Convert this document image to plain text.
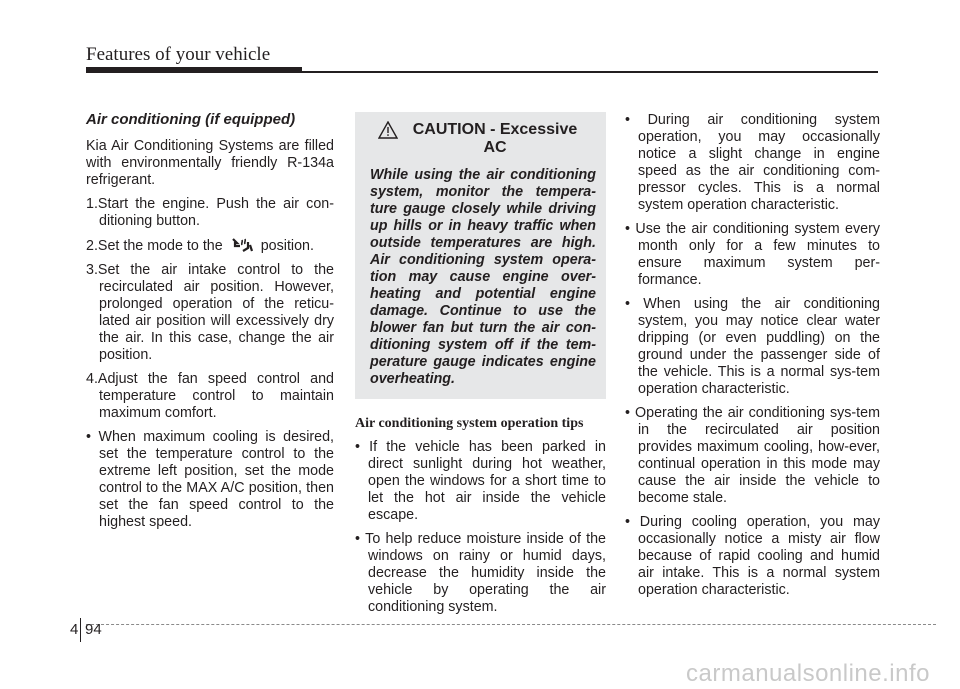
Features of your vehicle

Air conditioning (if equipped)

Kia Air Conditioning Systems are filled with environmentally friendly R-134a refrigerant.

1.Start the engine. Push the air con-ditioning button.

2.Set the mode to the	position.

3.Set the air intake control to the recirculated air position. However, prolonged operation of the reticu-lated air position will excessively dry the air. In this case, change the air position.

4.Adjust the fan speed control and temperature control to maintain maximum comfort.

• When maximum cooling is desired, set the temperature control to the extreme left position, set the mode control to the MAX A/C position, then set the fan speed control to the highest speed.

CAUTION - Excessive AC

While using the air conditioning system, monitor the tempera-ture gauge closely while driving up hills or in heavy traffic when outside temperatures are high. Air conditioning system opera-tion may cause engine over-heating and potential engine damage. Continue to use the blower fan but turn the air con-ditioning system off if the tem-perature gauge indicates engine overheating.

Air conditioning system operation tips

• If the vehicle has been parked in direct sunlight during hot weather, open the windows for a short time to let the hot air inside the vehicle escape.

• To help reduce moisture inside of the windows on rainy or humid days, decrease the humidity inside the vehicle by operating the air conditioning system.

• During air conditioning system operation, you may occasionally notice a slight change in engine speed as the air conditioning com-pressor cycles. This is a normal system operation characteristic.

• Use the air conditioning system every month only for a few minutes to ensure maximum system per-formance.

• When using the air conditioning system, you may notice clear water dripping (or even puddling) on the ground under the passenger side of the vehicle. This is a normal sys-tem operation characteristic.

• Operating the air conditioning sys-tem in the recirculated air position provides maximum cooling, how-ever, continual operation in this mode may cause the air inside the vehicle to become stale.

• During cooling operation, you may occasionally notice a misty air flow because of rapid cooling and humid air intake. This is a normal system operation characteristic.

4 94
carmanualsonline.info
